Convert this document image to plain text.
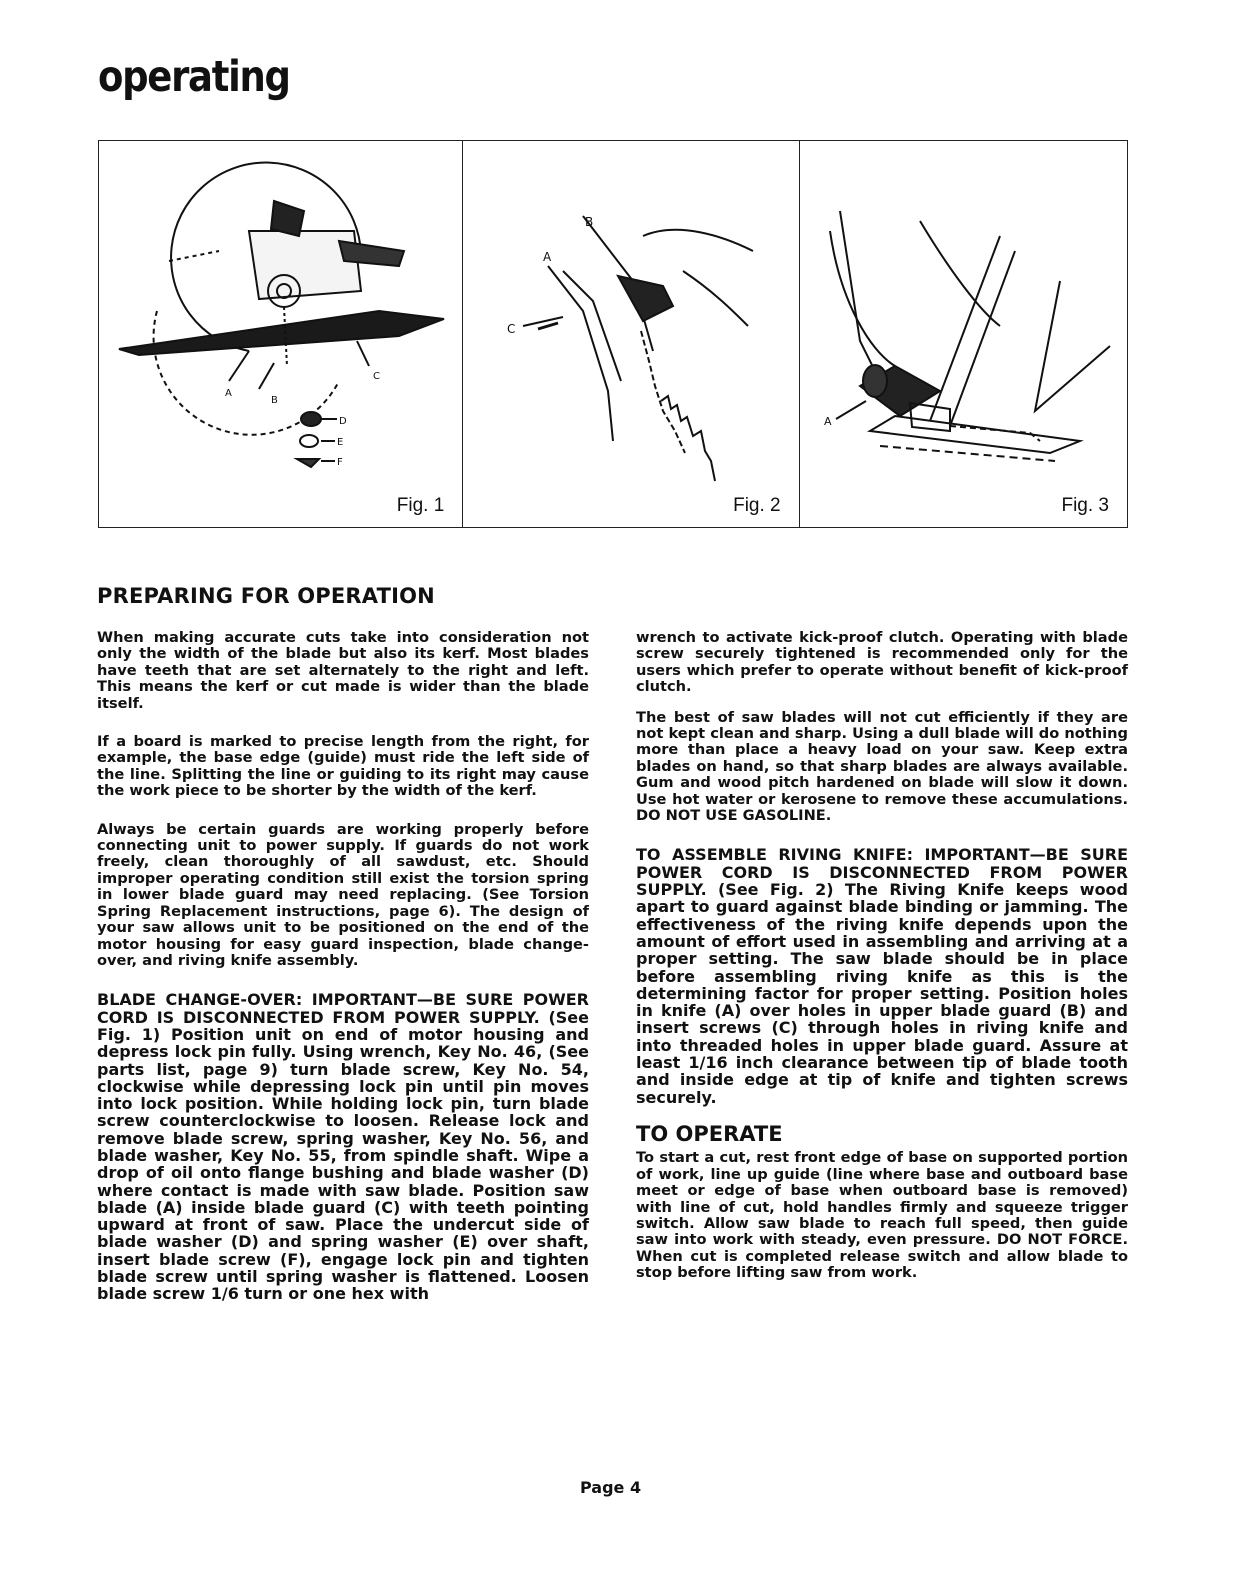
operating
A
B
C
D
E
F
Fig. 1
A
B
C
Fig. 2
A
Fig. 3
PREPARING FOR OPERATION

When making accurate cuts take into consideration not only the width of the blade but also its kerf. Most blades have teeth that are set alternately to the right and left. This means the kerf or cut made is wider than the blade itself.

If a board is marked to precise length from the right, for example, the base edge (guide) must ride the left side of the line. Splitting the line or guiding to its right may cause the work piece to be shorter by the width of the kerf.

Always be certain guards are working properly before connecting unit to power supply. If guards do not work freely, clean thoroughly of all sawdust, etc. Should improper operating condition still exist the torsion spring in lower blade guard may need replacing. (See Torsion Spring Replacement instructions, page 6). The design of your saw allows unit to be positioned on the end of the motor housing for easy guard inspection, blade change-over, and riving knife assembly.

BLADE CHANGE-OVER: IMPORTANT—BE SURE POWER CORD IS DISCONNECTED FROM POWER SUPPLY. (See Fig. 1) Position unit on end of motor housing and depress lock pin fully. Using wrench, Key No. 46, (See parts list, page 9) turn blade screw, Key No. 54, clockwise while depressing lock pin until pin moves into lock position. While holding lock pin, turn blade screw counterclockwise to loosen. Release lock and remove blade screw, spring washer, Key No. 56, and blade washer, Key No. 55, from spindle shaft. Wipe a drop of oil onto flange bushing and blade washer (D) where contact is made with saw blade. Position saw blade (A) inside blade guard (C) with teeth pointing upward at front of saw. Place the undercut side of blade washer (D) and spring washer (E) over shaft, insert blade screw (F), engage lock pin and tighten blade screw until spring washer is flattened. Loosen blade screw 1/6 turn or one hex with

wrench to activate kick-proof clutch. Operating with blade screw securely tightened is recommended only for the users which prefer to operate without benefit of kick-proof clutch.

The best of saw blades will not cut efficiently if they are not kept clean and sharp. Using a dull blade will do nothing more than place a heavy load on your saw. Keep extra blades on hand, so that sharp blades are always available. Gum and wood pitch hardened on blade will slow it down. Use hot water or kerosene to remove these accumulations. DO NOT USE GASOLINE.

TO ASSEMBLE RIVING KNIFE: IMPORTANT—BE SURE POWER CORD IS DISCONNECTED FROM POWER SUPPLY. (See Fig. 2) The Riving Knife keeps wood apart to guard against blade binding or jamming. The effectiveness of the riving knife depends upon the amount of effort used in assembling and arriving at a proper setting. The saw blade should be in place before assembling riving knife as this is the determining factor for proper setting. Position holes in knife (A) over holes in upper blade guard (B) and insert screws (C) through holes in riving knife and into threaded holes in upper blade guard. Assure at least 1/16 inch clearance between tip of blade tooth and inside edge at tip of knife and tighten screws securely.

TO OPERATE

To start a cut, rest front edge of base on supported portion of work, line up guide (line where base and outboard base meet or edge of base when outboard base is removed) with line of cut, hold handles firmly and squeeze trigger switch. Allow saw blade to reach full speed, then guide saw into work with steady, even pressure. DO NOT FORCE. When cut is completed release switch and allow blade to stop before lifting saw from work.

Page 4
